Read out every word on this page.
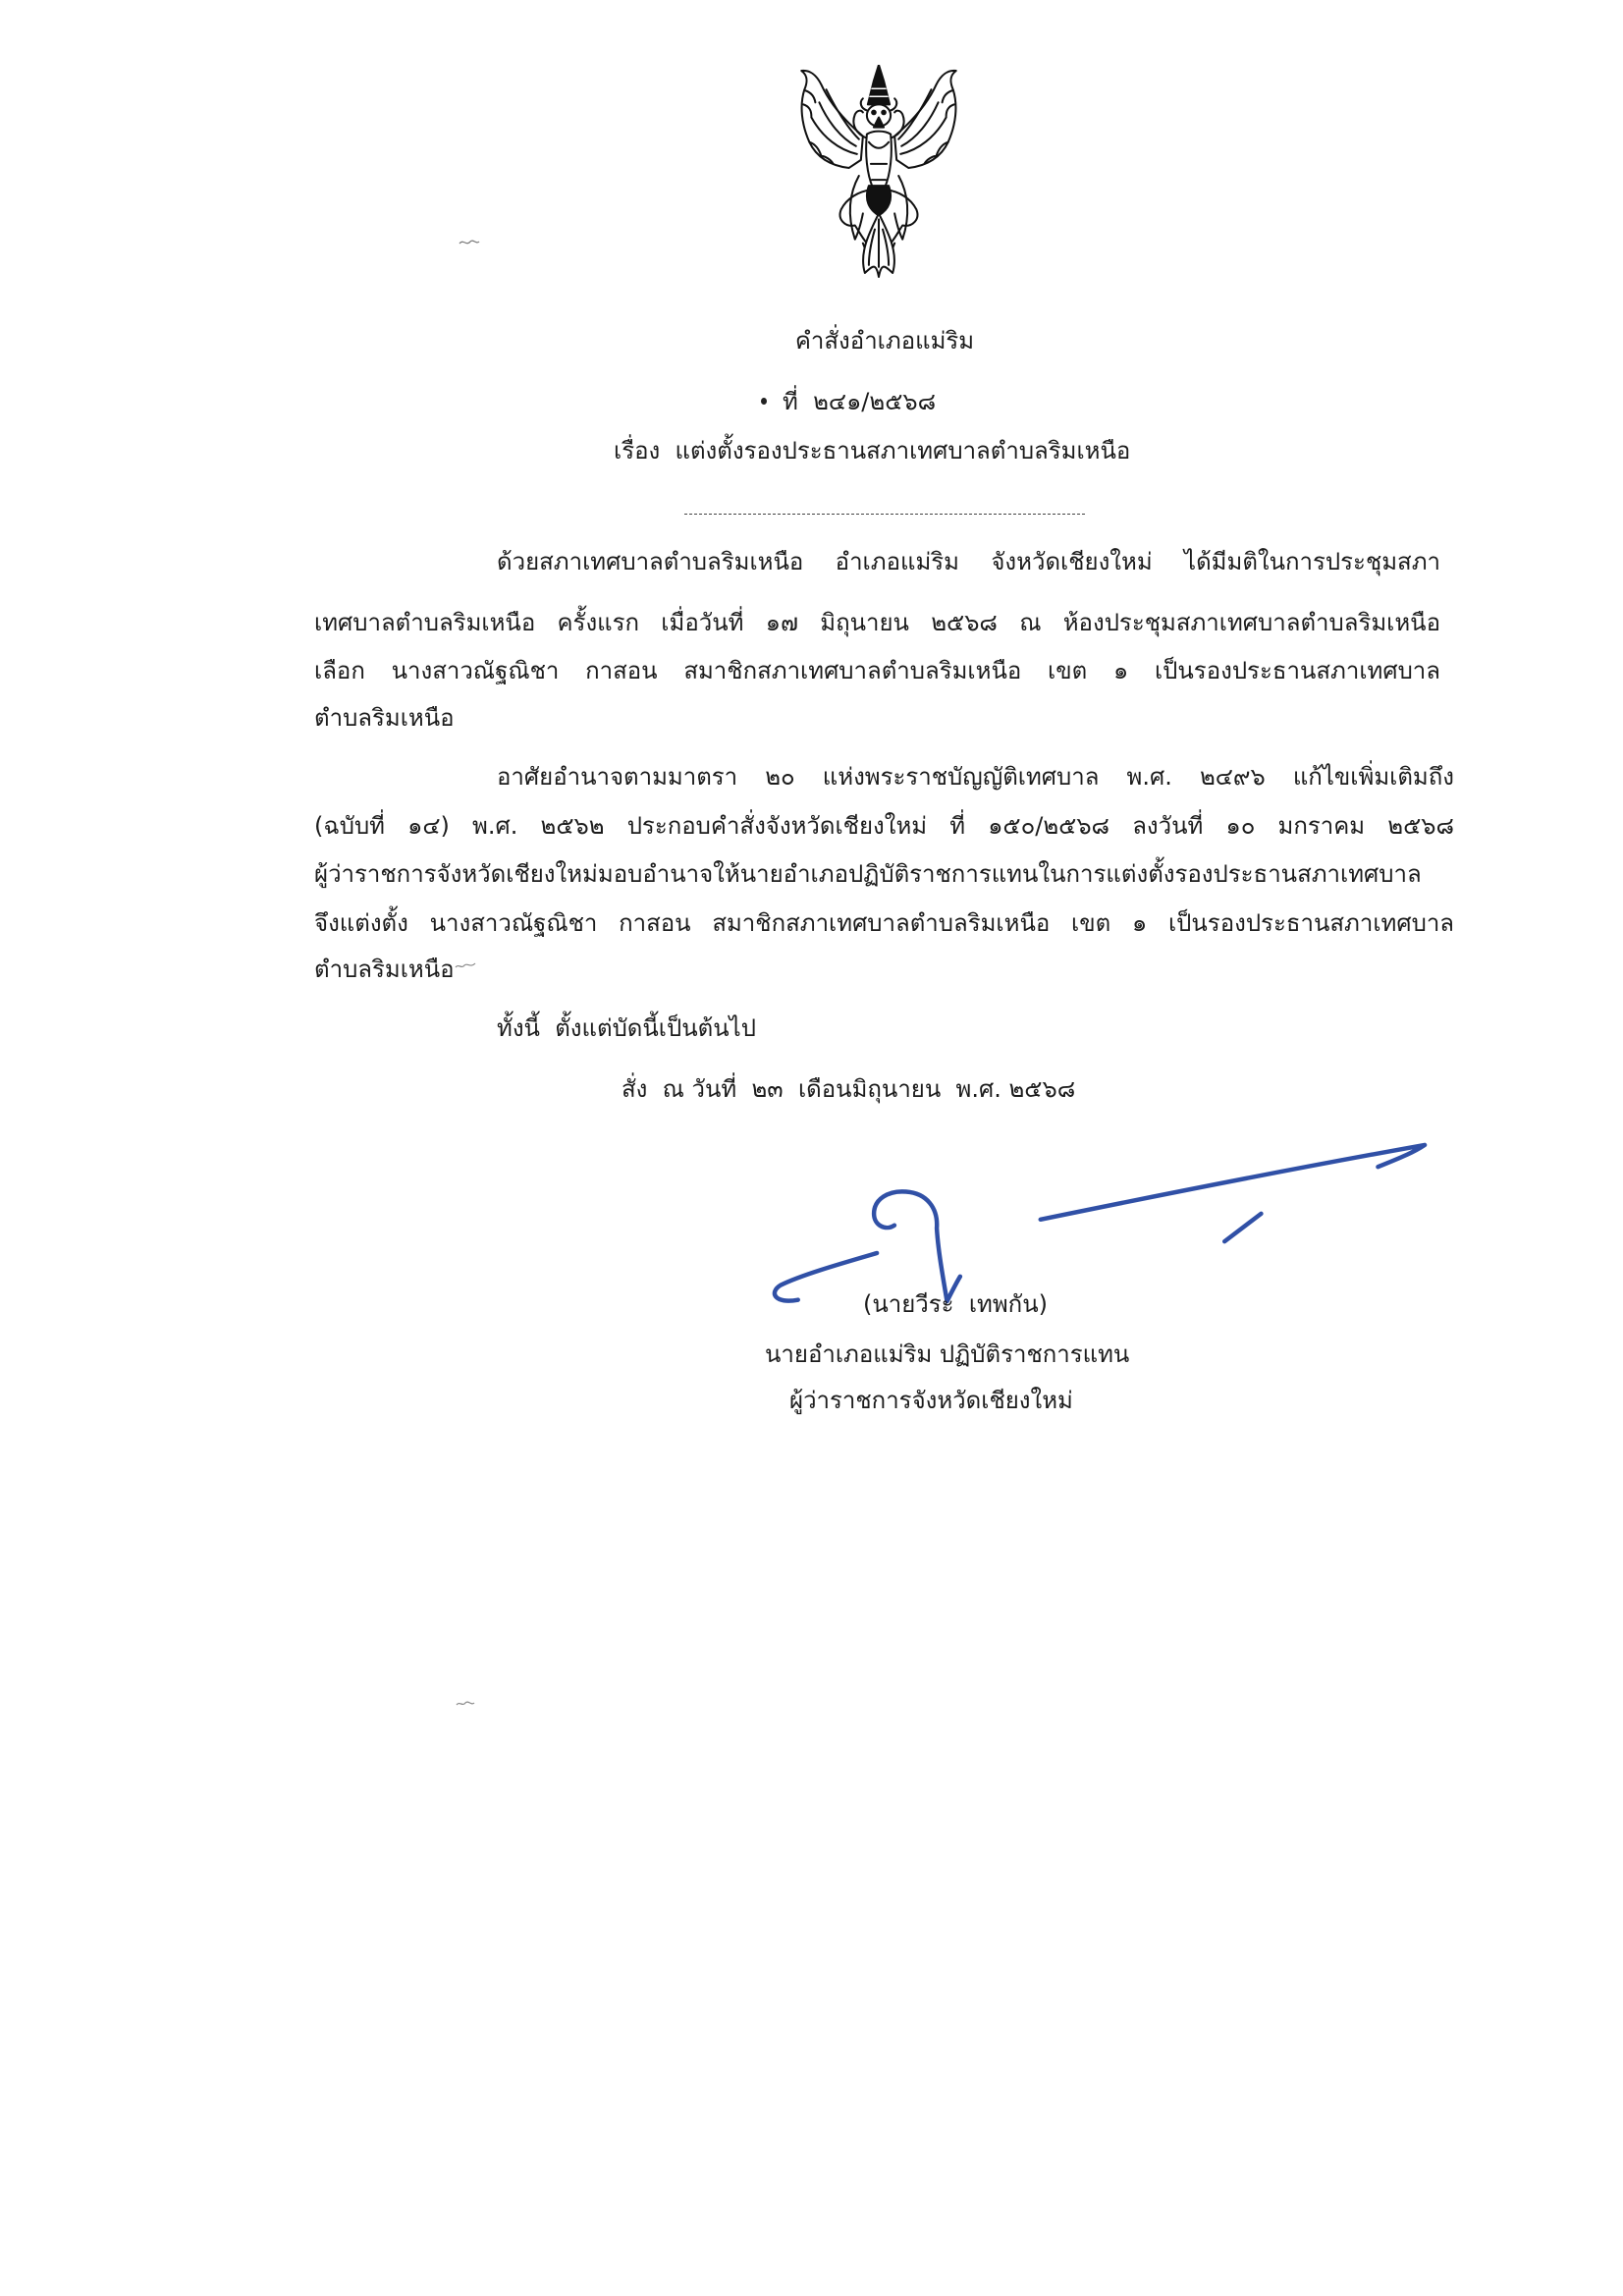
คำสั่งอำเภอแม่ริม
ที่  ๒๔๑/๒๕๖๘
เรื่อง  แต่งตั้งรองประธานสภาเทศบาลตำบลริมเหนือ
ด้วยสภาเทศบาลตำบลริมเหนือ อำเภอแม่ริม จังหวัดเชียงใหม่ ได้มีมติในการประชุมสภา
เทศบาลตำบลริมเหนือ ครั้งแรก เมื่อวันที่ ๑๗ มิถุนายน ๒๕๖๘ ณ ห้องประชุมสภาเทศบาลตำบลริมเหนือ
เลือก นางสาวณัฐณิชา กาสอน สมาชิกสภาเทศบาลตำบลริมเหนือ เขต ๑ เป็นรองประธานสภาเทศบาล
ตำบลริมเหนือ
อาศัยอำนาจตามมาตรา ๒๐ แห่งพระราชบัญญัติเทศบาล พ.ศ. ๒๔๙๖ แก้ไขเพิ่มเติมถึง
(ฉบับที่ ๑๔) พ.ศ. ๒๕๖๒ ประกอบคำสั่งจังหวัดเชียงใหม่ ที่ ๑๕๐/๒๕๖๘ ลงวันที่ ๑๐ มกราคม ๒๕๖๘
ผู้ว่าราชการจังหวัดเชียงใหม่มอบอำนาจให้นายอำเภอปฏิบัติราชการแทนในการแต่งตั้งรองประธานสภาเทศบาล
จึงแต่งตั้ง นางสาวณัฐณิชา กาสอน สมาชิกสภาเทศบาลตำบลริมเหนือ เขต ๑ เป็นรองประธานสภาเทศบาล
ตำบลริมเหนือ
ทั้งนี้  ตั้งแต่บัดนี้เป็นต้นไป
สั่ง  ณ วันที่  ๒๓  เดือนมิถุนายน  พ.ศ. ๒๕๖๘
(นายวีระ  เทพกัน)
นายอำเภอแม่ริม ปฏิบัติราชการแทน
ผู้ว่าราชการจังหวัดเชียงใหม่
